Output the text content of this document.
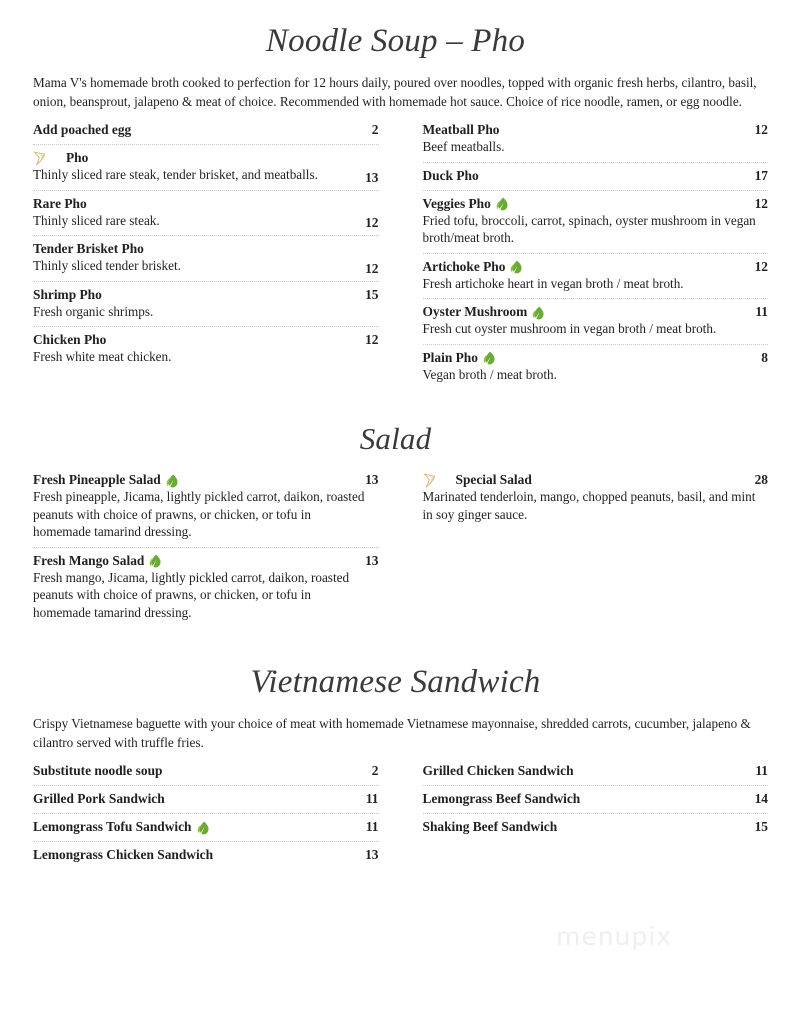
Noodle Soup – Pho

Mama V's homemade broth cooked to perfection for 12 hours daily, poured over noodles, topped with organic fresh herbs, cilantro, basil, onion, beansprout, jalapeno & meat of choice. Recommended with homemade hot sauce. Choice of rice noodle, ramen, or egg noodle.

Add poached egg	2
Pho
Thinly sliced rare steak, tender brisket, and meatballs.	13
Rare Pho
Thinly sliced rare steak.	12
Tender Brisket Pho
Thinly sliced tender brisket.	12
Shrimp Pho	15
Fresh organic shrimps.
Chicken Pho	12
Fresh white meat chicken.
Meatball Pho	12
Beef meatballs.
Duck Pho	17
Veggies Pho	12
Fried tofu, broccoli, carrot, spinach, oyster mushroom in vegan broth/meat broth.
Artichoke Pho	12
Fresh artichoke heart in vegan broth / meat broth.
Oyster Mushroom	11
Fresh cut oyster mushroom in vegan broth / meat broth.
Plain Pho	8
Vegan broth / meat broth.
Salad
Fresh Pineapple Salad	13
Fresh pineapple, Jicama, lightly pickled carrot, daikon, roasted peanuts with choice of prawns, or chicken, or tofu in homemade tamarind dressing.
Fresh Mango Salad	13
Fresh mango, Jicama, lightly pickled carrot, daikon, roasted peanuts with choice of prawns, or chicken, or tofu in homemade tamarind dressing.
Special Salad	28
Marinated tenderloin, mango, chopped peanuts, basil, and mint in soy ginger sauce.
Vietnamese Sandwich

Crispy Vietnamese baguette with your choice of meat with homemade Vietnamese mayonnaise, shredded carrots, cucumber, jalapeno & cilantro served with truffle fries.

Substitute noodle soup	2
Grilled Pork Sandwich	11
Lemongrass Tofu Sandwich	11
Lemongrass Chicken Sandwich	13
Grilled Chicken Sandwich	11
Lemongrass Beef Sandwich	14
Shaking Beef Sandwich	15
menupix
